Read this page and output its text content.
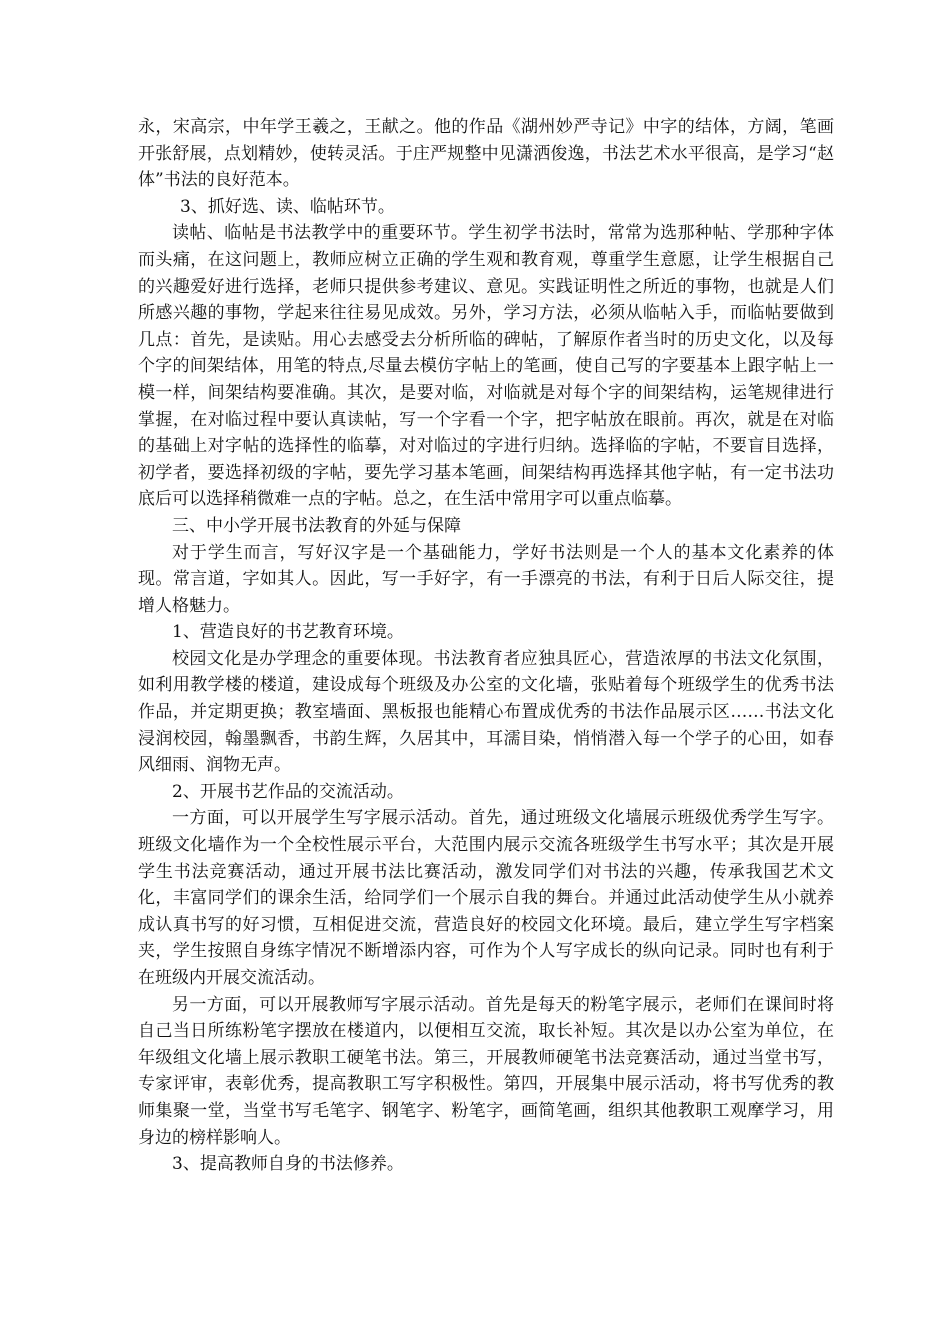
永，宋高宗，中年学王羲之，王献之。他的作品《湖州妙严寺记》中字的结体，方阔，笔画开张舒展，点划精妙，使转灵活。于庄严规整中见潇洒俊逸，书法艺术水平很高，是学习“赵体”书法的良好范本。

3、抓好选、读、临帖环节。

读帖、临帖是书法教学中的重要环节。学生初学书法时，常常为选那种帖、学那种字体而头痛，在这问题上，教师应树立正确的学生观和教育观，尊重学生意愿，让学生根据自己的兴趣爱好进行选择，老师只提供参考建议、意见。实践证明性之所近的事物，也就是人们所感兴趣的事物，学起来往往易见成效。另外，学习方法，必须从临帖入手，而临帖要做到几点：首先，是读贴。用心去感受去分析所临的碑帖，了解原作者当时的历史文化，以及每个字的间架结体，用笔的特点,尽量去模仿字帖上的笔画，使自己写的字要基本上跟字帖上一模一样，间架结构要准确。其次，是要对临，对临就是对每个字的间架结构，运笔规律进行掌握，在对临过程中要认真读帖，写一个字看一个字，把字帖放在眼前。再次，就是在对临的基础上对字帖的选择性的临摹，对对临过的字进行归纳。选择临的字帖，不要盲目选择，初学者，要选择初级的字帖，要先学习基本笔画，间架结构再选择其他字帖，有一定书法功底后可以选择稍微难一点的字帖。总之，在生活中常用字可以重点临摹。

三、中小学开展书法教育的外延与保障

对于学生而言，写好汉字是一个基础能力，学好书法则是一个人的基本文化素养的体现。常言道，字如其人。因此，写一手好字，有一手漂亮的书法，有利于日后人际交往，提增人格魅力。

1、营造良好的书艺教育环境。

校园文化是办学理念的重要体现。书法教育者应独具匠心，营造浓厚的书法文化氛围，如利用教学楼的楼道，建设成每个班级及办公室的文化墙，张贴着每个班级学生的优秀书法作品，并定期更换；教室墙面、黑板报也能精心布置成优秀的书法作品展示区……书法文化浸润校园，翰墨飘香，书韵生辉，久居其中，耳濡目染，悄悄潜入每一个学子的心田，如春风细雨、润物无声。

2、开展书艺作品的交流活动。

一方面，可以开展学生写字展示活动。首先，通过班级文化墙展示班级优秀学生写字。班级文化墙作为一个全校性展示平台，大范围内展示交流各班级学生书写水平；其次是开展学生书法竞赛活动，通过开展书法比赛活动，激发同学们对书法的兴趣，传承我国艺术文化，丰富同学们的课余生活，给同学们一个展示自我的舞台。并通过此活动使学生从小就养成认真书写的好习惯，互相促进交流，营造良好的校园文化环境。最后，建立学生写字档案夹，学生按照自身练字情况不断增添内容，可作为个人写字成长的纵向记录。同时也有利于在班级内开展交流活动。

另一方面，可以开展教师写字展示活动。首先是每天的粉笔字展示，老师们在课间时将自己当日所练粉笔字摆放在楼道内，以便相互交流，取长补短。其次是以办公室为单位，在年级组文化墙上展示教职工硬笔书法。第三，开展教师硬笔书法竞赛活动，通过当堂书写，专家评审，表彰优秀，提高教职工写字积极性。第四，开展集中展示活动，将书写优秀的教师集聚一堂，当堂书写毛笔字、钢笔字、粉笔字，画简笔画，组织其他教职工观摩学习，用身边的榜样影响人。

3、提高教师自身的书法修养。
